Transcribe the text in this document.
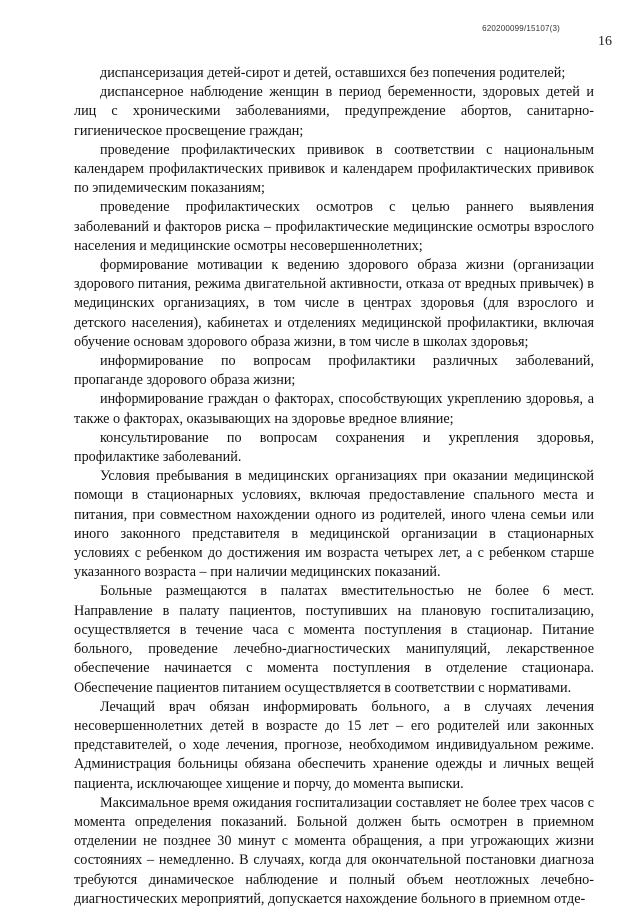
620200099/15107(3)
16

диспансеризация детей-сирот и детей, оставшихся без попечения родителей;

диспансерное наблюдение женщин в период беременности, здоровых детей и лиц с хроническими заболеваниями, предупреждение абортов, санитарно-гигиеническое просвещение граждан;

проведение профилактических прививок в соответствии с национальным календарем профилактических прививок и календарем профилактических прививок по эпидемическим показаниям;

проведение профилактических осмотров с целью раннего выявления заболеваний и факторов риска – профилактические медицинские осмотры взрослого населения и медицинские осмотры несовершеннолетних;

формирование мотивации к ведению здорового образа жизни (организации здорового питания, режима двигательной активности, отказа от вредных привычек) в медицинских организациях, в том числе в центрах здоровья (для взрослого и детского населения), кабинетах и отделениях медицинской профилактики, включая обучение основам здорового образа жизни, в том числе в школах здоровья;

информирование по вопросам профилактики различных заболеваний, пропаганде здорового образа жизни;

информирование граждан о факторах, способствующих укреплению здоровья, а также о факторах, оказывающих на здоровье вредное влияние;

консультирование по вопросам сохранения и укрепления здоровья, профилактике заболеваний.

Условия пребывания в медицинских организациях при оказании медицинской помощи в стационарных условиях, включая предоставление спального места и питания, при совместном нахождении одного из родителей, иного члена семьи или иного законного представителя в медицинской организации в стационарных условиях с ребенком до достижения им возраста четырех лет, а с ребенком старше указанного возраста – при наличии медицинских показаний.

Больные размещаются в палатах вместительностью не более 6 мест. Направление в палату пациентов, поступивших на плановую госпитализацию, осуществляется в течение часа с момента поступления в стационар. Питание больного, проведение лечебно-диагностических манипуляций, лекарственное обеспечение начинается с момента поступления в отделение стационара. Обеспечение пациентов питанием осуществляется в соответствии с нормативами.

Лечащий врач обязан информировать больного, а в случаях лечения несовершеннолетних детей в возрасте до 15 лет – его родителей или законных представителей, о ходе лечения, прогнозе, необходимом индивидуальном режиме. Администрация больницы обязана обеспечить хранение одежды и личных вещей пациента, исключающее хищение и порчу, до момента выписки.

Максимальное время ожидания госпитализации составляет не более трех часов с момента определения показаний. Больной должен быть осмотрен в приемном отделении не позднее 30 минут с момента обращения, а при угрожающих жизни состояниях – немедленно. В случаях, когда для окончательной постановки диагноза требуются динамическое наблюдение и полный объем неотложных лечебно-диагностических мероприятий, допускается нахождение больного в приемном отде-
